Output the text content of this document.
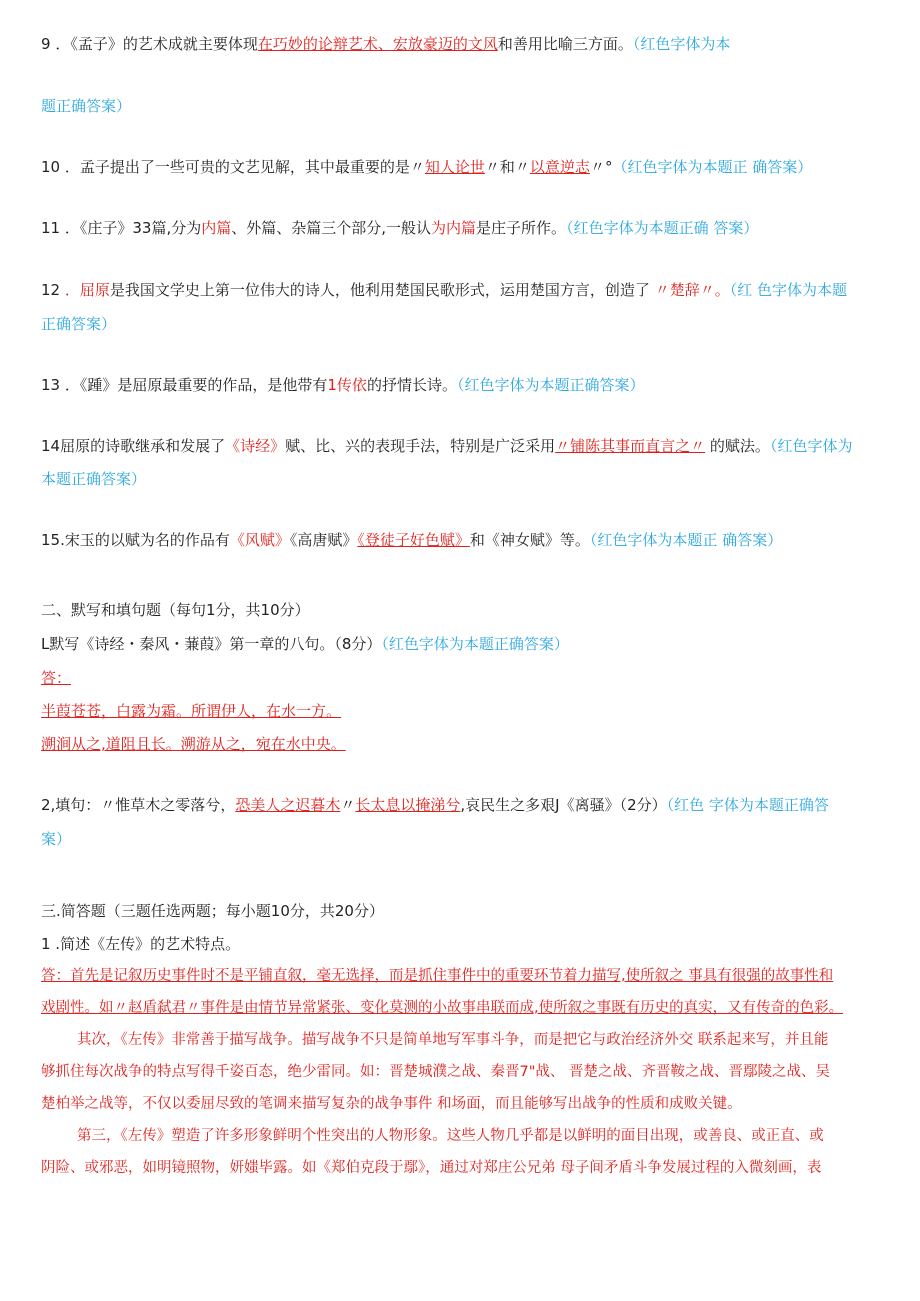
9 ．《孟子》的艺术成就主要体现在巧妙的论辩艺术、宏放豪迈的文风和善用比喻三方面。（红色字体为本
题正确答案）
10 ．孟子提出了一些可贵的文艺见解，其中最重要的是〃知人论世〃和〃以意逆志〃°（红色字体为本题正 确答案）
11 ．《庄子》33篇,分为内篇、外篇、杂篇三个部分,一般认为内篇是庄子所作。（红色字体为本题正确 答案）
12 ．屈原是我国文学史上第一位伟大的诗人，他利用楚国民歌形式，运用楚国方言，创造了 〃楚辞〃。（红 色字体为本题
正确答案）
13 ．《踵》是屈原最重要的作品，是他带有1传依的抒情长诗。（红色字体为本题正确答案）
14屈原的诗歌继承和发展了《诗经》赋、比、兴的表现手法，特别是广泛采用〃铺陈其事而直言之〃 的赋法。（红色字体为
本题正确答案）
15.宋玉的以赋为名的作品有《风赋》《高唐赋》《登徒子好色赋》和《神女赋》等。（红色字体为本题正 确答案）
二、默写和填句题（每句1分，共10分）
L默写《诗经・秦风・蒹葭》第一章的八句。（8分）（红色字体为本题正确答案）
答：
半葭苍苍，白露为霜。所谓伊人，在水一方。
溯涧从之,道阻且长。溯游从之，宛在水中央。
2,填句：〃惟草木之零落兮，恐美人之迟暮木〃长太息以掩涕兮,哀民生之多艰J《离骚》（2分）（红色 字体为本题正确答
案）
三.简答题（三题任选两题；每小题10分，共20分）
1 .简述《左传》的艺术特点。
答：首先是记叙历史事件时不是平铺直叙，毫无选择，而是抓住事件中的重要环节着力描写,使所叙之 事具有很强的故事性和
戏剧性。如〃赵盾弑君〃事件是由情节异常紧张、变化莫测的小故事串联而成,使所叙之事既有历史的真实，又有传奇的色彩。
其次，《左传》非常善于描写战争。描写战争不只是简单地写军事斗争，而是把它与政治经济外交 联系起来写，并且能
够抓住每次战争的特点写得千姿百态，绝少雷同。如：晋楚城濮之战、秦晋7"战、 晋楚之战、齐晋鞍之战、晋鄢陵之战、吴
楚柏举之战等，不仅以委屈尽致的笔调来描写复杂的战争事件 和场面，而且能够写出战争的性质和成败关键。
第三，《左传》塑造了许多形象鲜明个性突出的人物形象。这些人物几乎都是以鲜明的面目出现，或善良、或正直、或
阴险、或邪恶，如明镜照物，妍媸毕露。如《郑伯克段于鄢》，通过对郑庄公兄弟 母子间矛盾斗争发展过程的入微刻画，表
